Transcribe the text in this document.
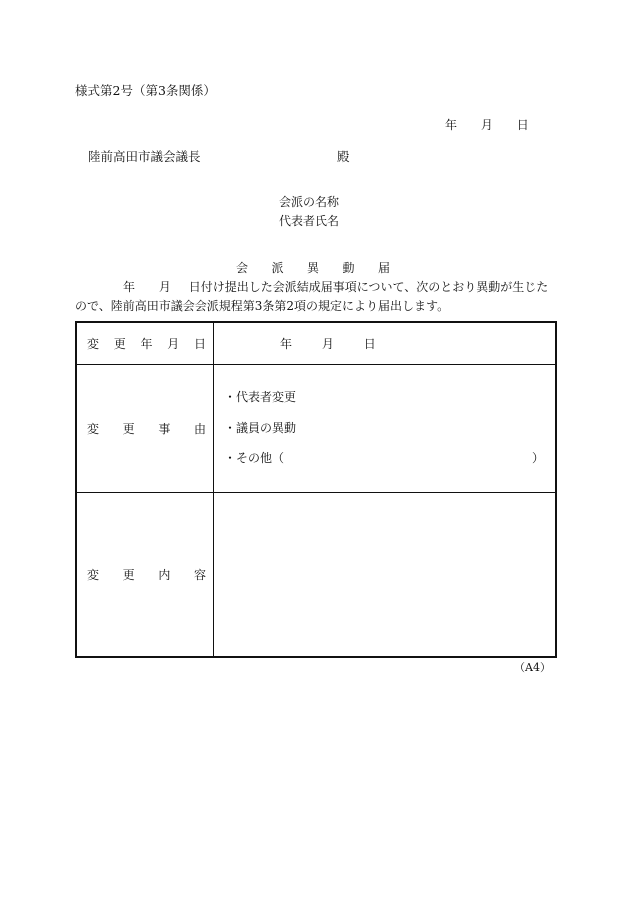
様式第2号（第3条関係）
年 月 日
陸前高田市議会議長	殿
会派の名称
代表者氏名
会 派 異 動 届
年 月 日付け提出した会派結成届事項について、次のとおり異動が生じた
ので、陸前高田市議会会派規程第3条第2項の規定により届出します。
変 更 年 月 日	年 月 日

変 更 事 由	・代表者変更
・議員の異動
・その他（ ）

変 更 内 容	

（A4）
